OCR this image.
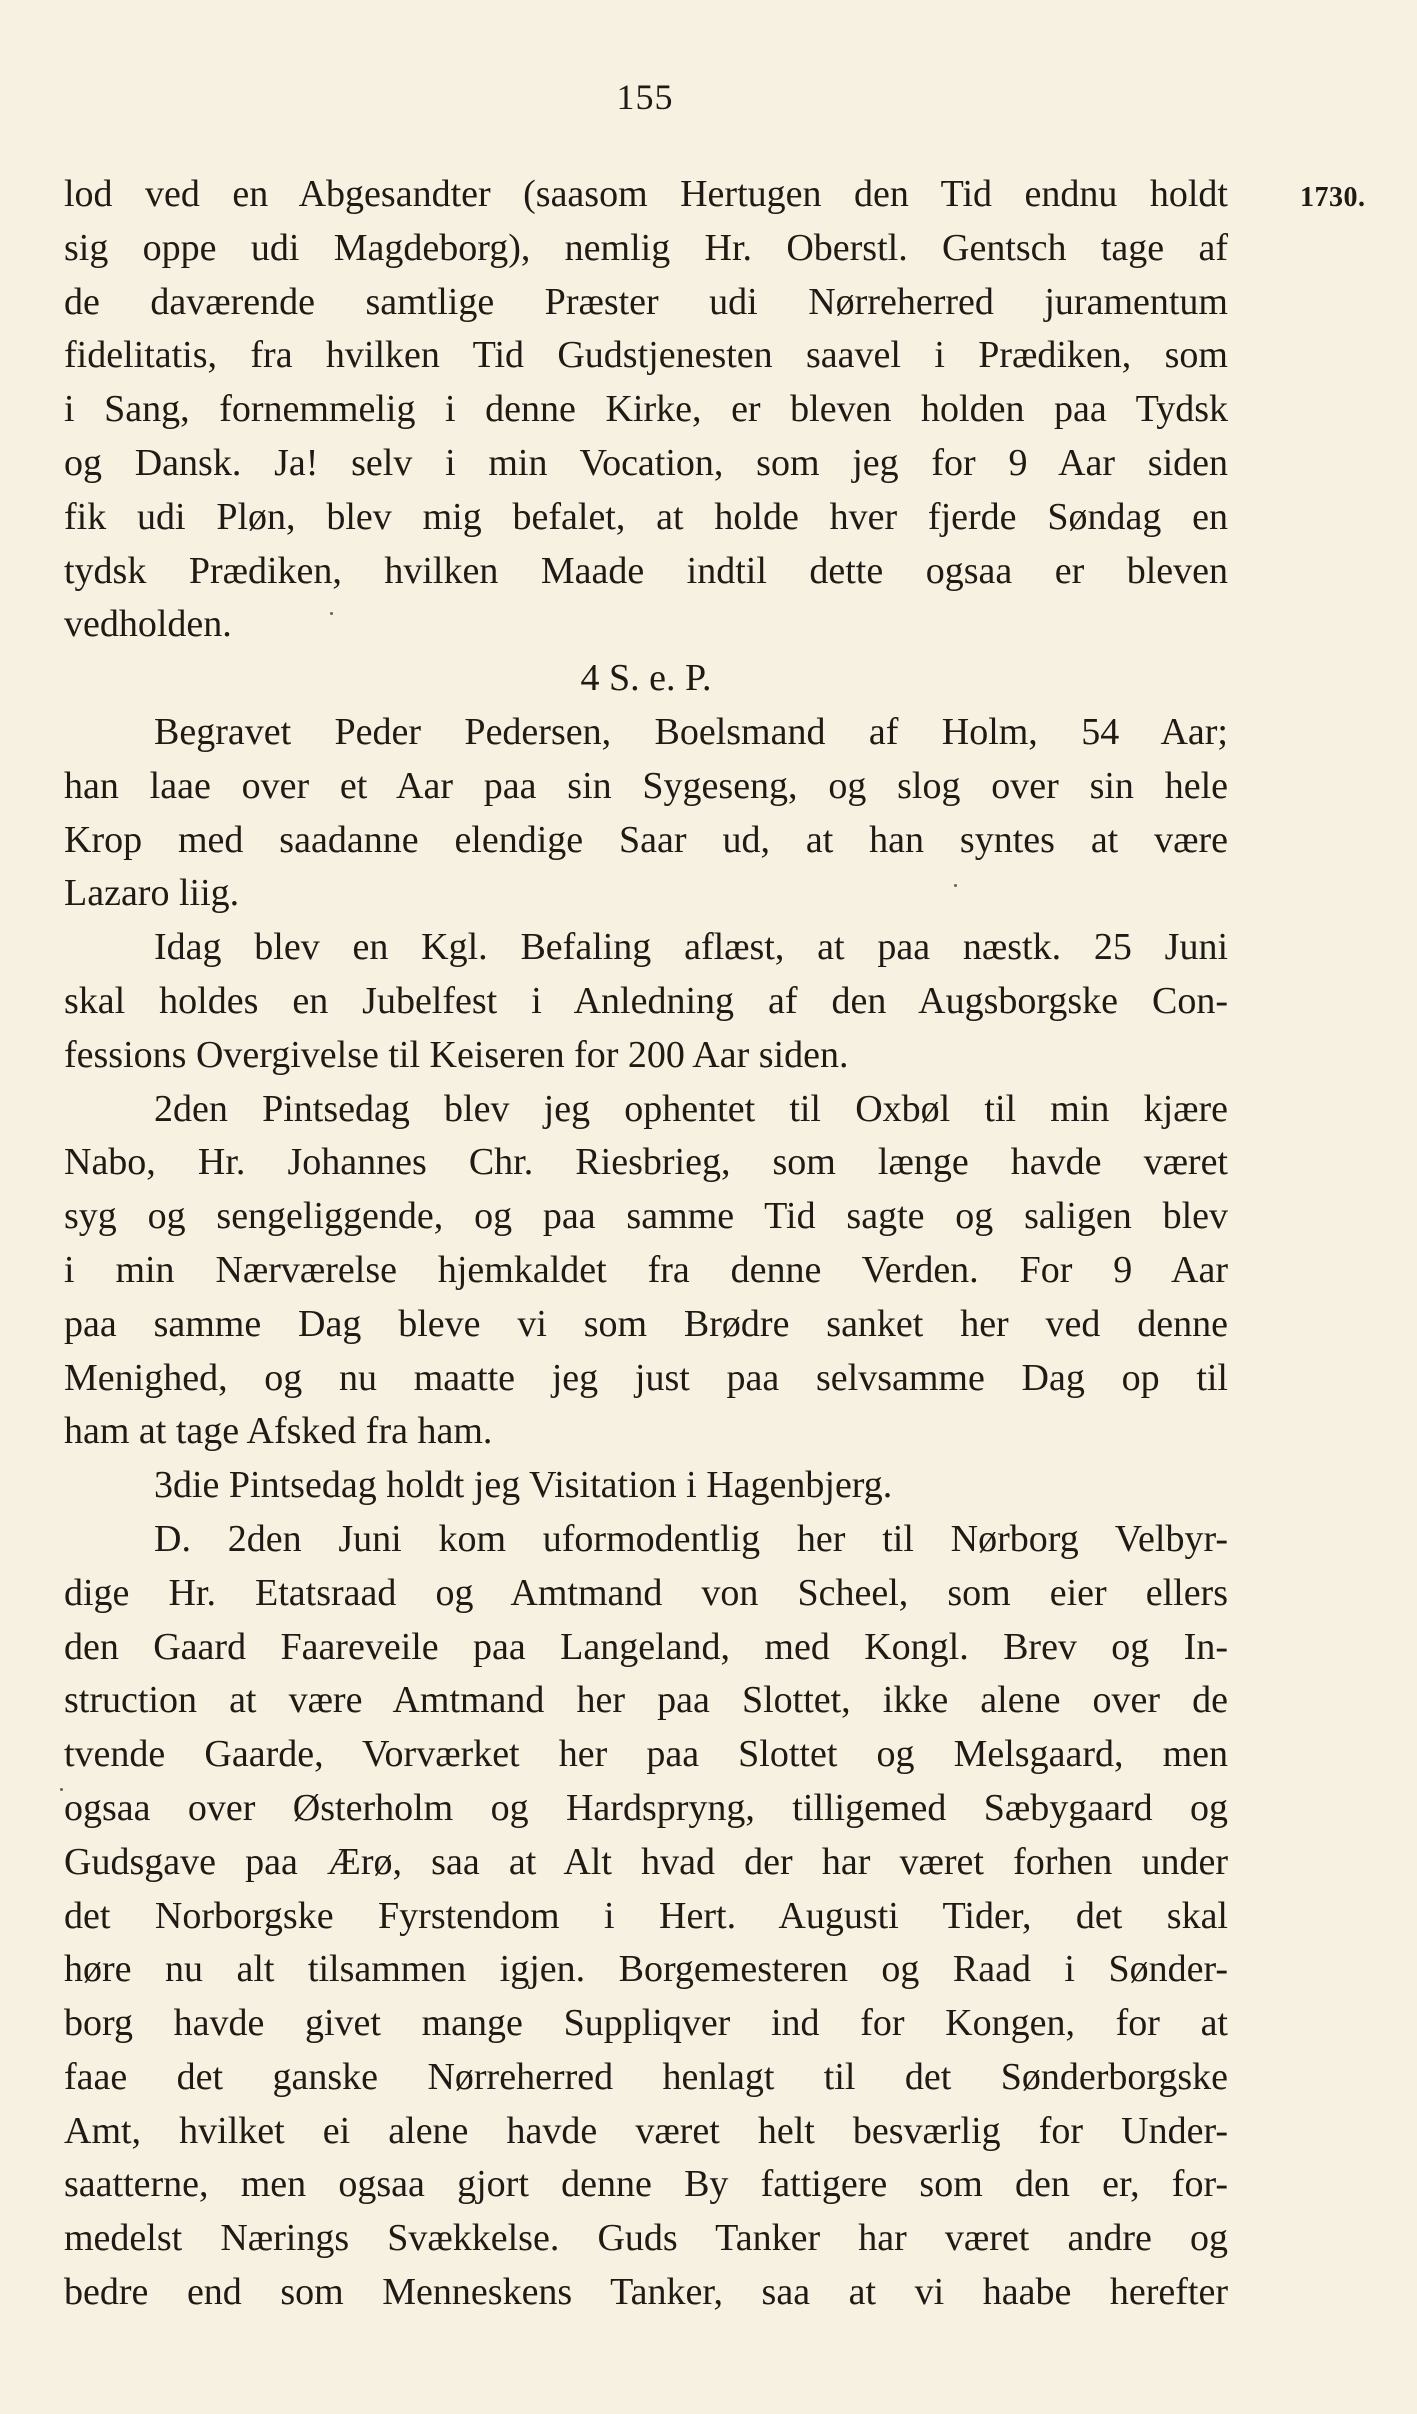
155
1730.
lod ved en Abgesandter (saasom Hertugen den Tid endnu holdt
sig oppe udi Magdeborg), nemlig Hr. Oberstl. Gentsch tage af
de daværende samtlige Præster udi Nørreherred juramentum
fidelitatis, fra hvilken Tid Gudstjenesten saavel i Prædiken, som
i Sang, fornemmelig i denne Kirke, er bleven holden paa Tydsk
og Dansk. Ja! selv i min Vocation, som jeg for 9 Aar siden
fik udi Pløn, blev mig befalet, at holde hver fjerde Søndag en
tydsk Prædiken, hvilken Maade indtil dette ogsaa er bleven
vedholden.
4 S. e. P.
Begravet Peder Pedersen, Boelsmand af Holm, 54 Aar;
han laae over et Aar paa sin Sygeseng, og slog over sin hele
Krop med saadanne elendige Saar ud, at han syntes at være
Lazaro liig.
Idag blev en Kgl. Befaling aflæst, at paa næstk. 25 Juni
skal holdes en Jubelfest i Anledning af den Augsborgske Con-
fessions Overgivelse til Keiseren for 200 Aar siden.
2den Pintsedag blev jeg ophentet til Oxbøl til min kjære
Nabo, Hr. Johannes Chr. Riesbrieg, som længe havde været
syg og sengeliggende, og paa samme Tid sagte og saligen blev
i min Nærværelse hjemkaldet fra denne Verden. For 9 Aar
paa samme Dag bleve vi som Brødre sanket her ved denne
Menighed, og nu maatte jeg just paa selvsamme Dag op til
ham at tage Afsked fra ham.
3die Pintsedag holdt jeg Visitation i Hagenbjerg.
D. 2den Juni kom uformodentlig her til Nørborg Velbyr-
dige Hr. Etatsraad og Amtmand von Scheel, som eier ellers
den Gaard Faareveile paa Langeland, med Kongl. Brev og In-
struction at være Amtmand her paa Slottet, ikke alene over de
tvende Gaarde, Vorværket her paa Slottet og Melsgaard, men
ogsaa over Østerholm og Hardspryng, tilligemed Sæbygaard og
Gudsgave paa Ærø, saa at Alt hvad der har været forhen under
det Norborgske Fyrstendom i Hert. Augusti Tider, det skal
høre nu alt tilsammen igjen. Borgemesteren og Raad i Sønder-
borg havde givet mange Suppliqver ind for Kongen, for at
faae det ganske Nørreherred henlagt til det Sønderborgske
Amt, hvilket ei alene havde været helt besværlig for Under-
saatterne, men ogsaa gjort denne By fattigere som den er, for-
medelst Nærings Svækkelse. Guds Tanker har været andre og
bedre end som Menneskens Tanker, saa at vi haabe herefter
